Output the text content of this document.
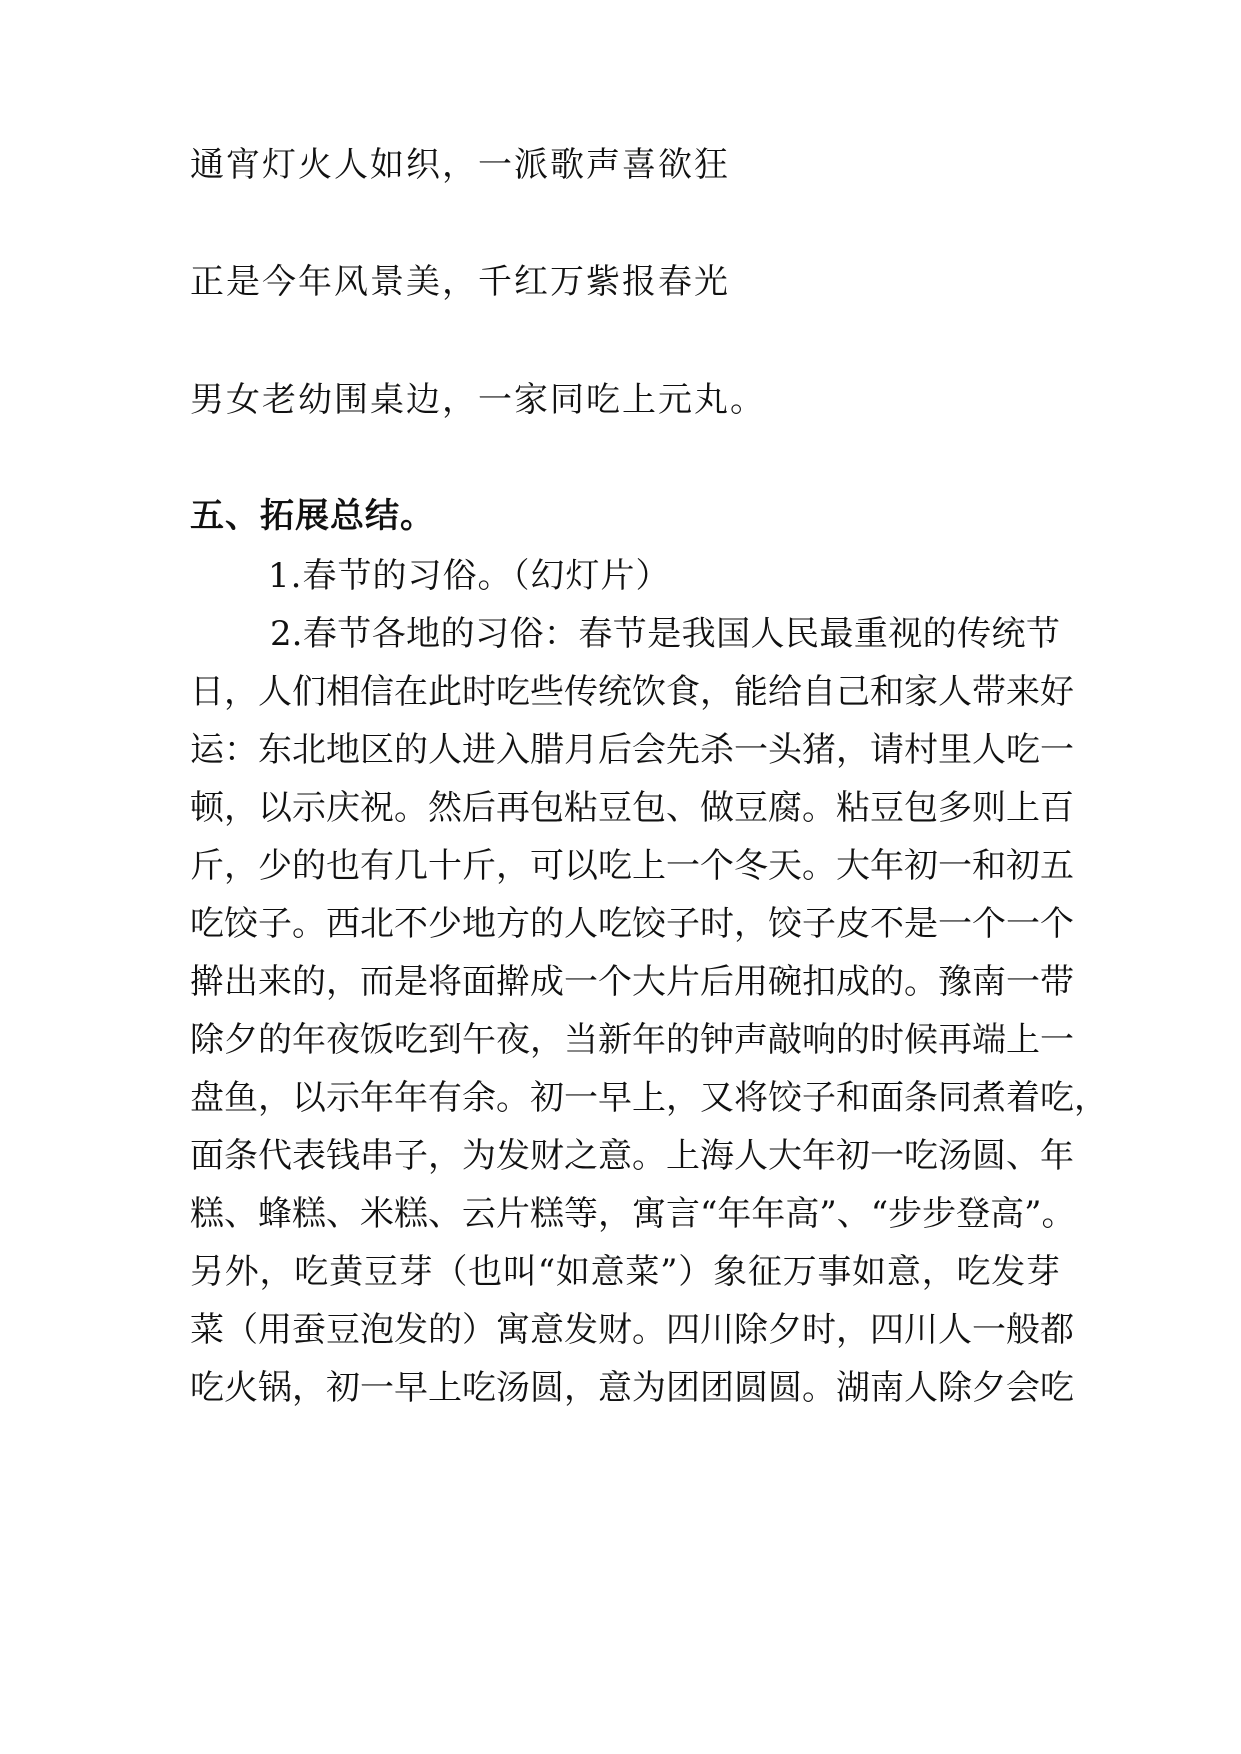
通宵灯火人如织，一派歌声喜欲狂
正是今年风景美，千红万紫报春光
男女老幼围桌边，一家同吃上元丸。
五、拓展总结。
1.春节的习俗。（幻灯片）
2.春节各地的习俗：春节是我国人民最重视的传统节
日，人们相信在此时吃些传统饮食，能给自己和家人带来好
运：东北地区的人进入腊月后会先杀一头猪，请村里人吃一
顿，以示庆祝。然后再包粘豆包、做豆腐。粘豆包多则上百
斤，少的也有几十斤，可以吃上一个冬天。大年初一和初五
吃饺子。西北不少地方的人吃饺子时，饺子皮不是一个一个
擀出来的，而是将面擀成一个大片后用碗扣成的。豫南一带
除夕的年夜饭吃到午夜，当新年的钟声敲响的时候再端上一
盘鱼，以示年年有余。初一早上，又将饺子和面条同煮着吃，
面条代表钱串子，为发财之意。上海人大年初一吃汤圆、年
糕、蜂糕、米糕、云片糕等，寓言“年年高”、“步步登高”。
另外，吃黄豆芽（也叫“如意菜”）象征万事如意，吃发芽
菜（用蚕豆泡发的）寓意发财。四川除夕时，四川人一般都
吃火锅，初一早上吃汤圆，意为团团圆圆。湖南人除夕会吃
